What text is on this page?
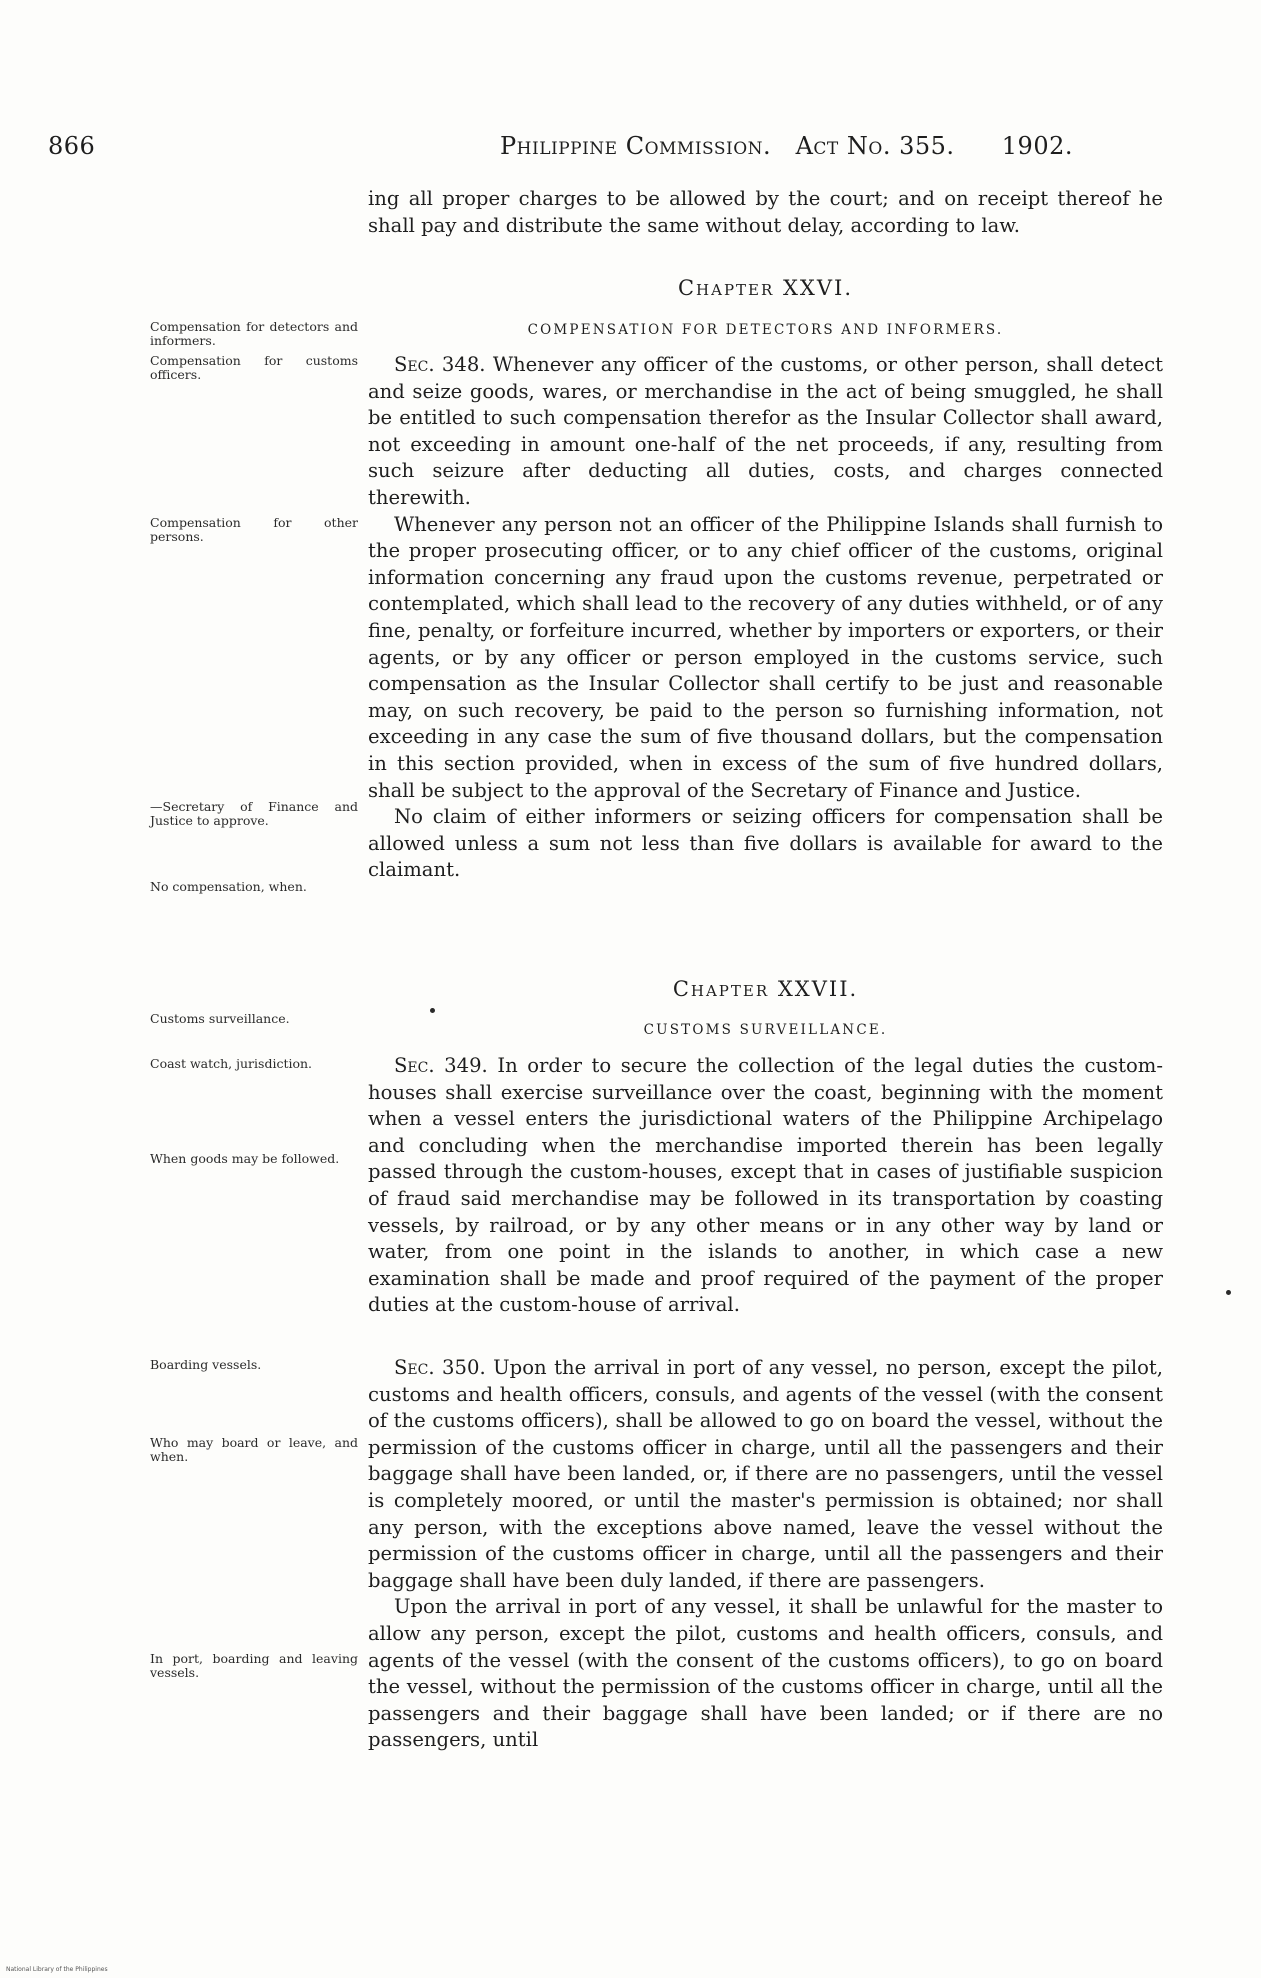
866	Philippine Commission. Act No. 355. 1902.

ing all proper charges to be allowed by the court; and on receipt thereof he shall pay and distribute the same without delay, according to law.

Chapter XXVI.
COMPENSATION FOR DETECTORS AND INFORMERS.

Sec. 348. Whenever any officer of the customs, or other person, shall detect and seize goods, wares, or merchandise in the act of being smuggled, he shall be entitled to such compensation therefor as the Insular Collector shall award, not exceeding in amount one-half of the net proceeds, if any, resulting from such seizure after deducting all duties, costs, and charges connected therewith.

Whenever any person not an officer of the Philippine Islands shall furnish to the proper prosecuting officer, or to any chief officer of the customs, original information concerning any fraud upon the customs revenue, perpetrated or contemplated, which shall lead to the recovery of any duties withheld, or of any fine, penalty, or forfeiture incurred, whether by importers or exporters, or their agents, or by any officer or person employed in the customs service, such compensation as the Insular Collector shall certify to be just and reasonable may, on such recovery, be paid to the person so furnishing information, not exceeding in any case the sum of five thousand dollars, but the compensation in this section provided, when in excess of the sum of five hundred dollars, shall be subject to the approval of the Secretary of Finance and Justice.

No claim of either informers or seizing officers for compensation shall be allowed unless a sum not less than five dollars is available for award to the claimant.

Chapter XXVII.
CUSTOMS SURVEILLANCE.

Sec. 349. In order to secure the collection of the legal duties the custom-houses shall exercise surveillance over the coast, beginning with the moment when a vessel enters the jurisdictional waters of the Philippine Archipelago and concluding when the merchandise imported therein has been legally passed through the custom-houses, except that in cases of justifiable suspicion of fraud said merchandise may be followed in its transportation by coasting vessels, by railroad, or by any other means or in any other way by land or water, from one point in the islands to another, in which case a new examination shall be made and proof required of the payment of the proper duties at the custom-house of arrival.

Sec. 350. Upon the arrival in port of any vessel, no person, except the pilot, customs and health officers, consuls, and agents of the vessel (with the consent of the customs officers), shall be allowed to go on board the vessel, without the permission of the customs officer in charge, until all the passengers and their baggage shall have been landed, or, if there are no passengers, until the vessel is completely moored, or until the master's permission is obtained; nor shall any person, with the exceptions above named, leave the vessel without the permission of the customs officer in charge, until all the passengers and their baggage shall have been duly landed, if there are passengers.

Upon the arrival in port of any vessel, it shall be unlawful for the master to allow any person, except the pilot, customs and health officers, consuls, and agents of the vessel (with the consent of the customs officers), to go on board the vessel, without the permission of the customs officer in charge, until all the passengers and their baggage shall have been landed; or if there are no passengers, until

Compensation for detectors and informers.
Compensation for customs officers.
Compensation for other persons.
—Secretary of Finance and Justice to approve.
No compensation, when.
Customs surveillance.
Coast watch, jurisdiction.
When goods may be followed.
Boarding vessels.
Who may board or leave, and when.
In port, boarding and leaving vessels.
National Library of the Philippines
